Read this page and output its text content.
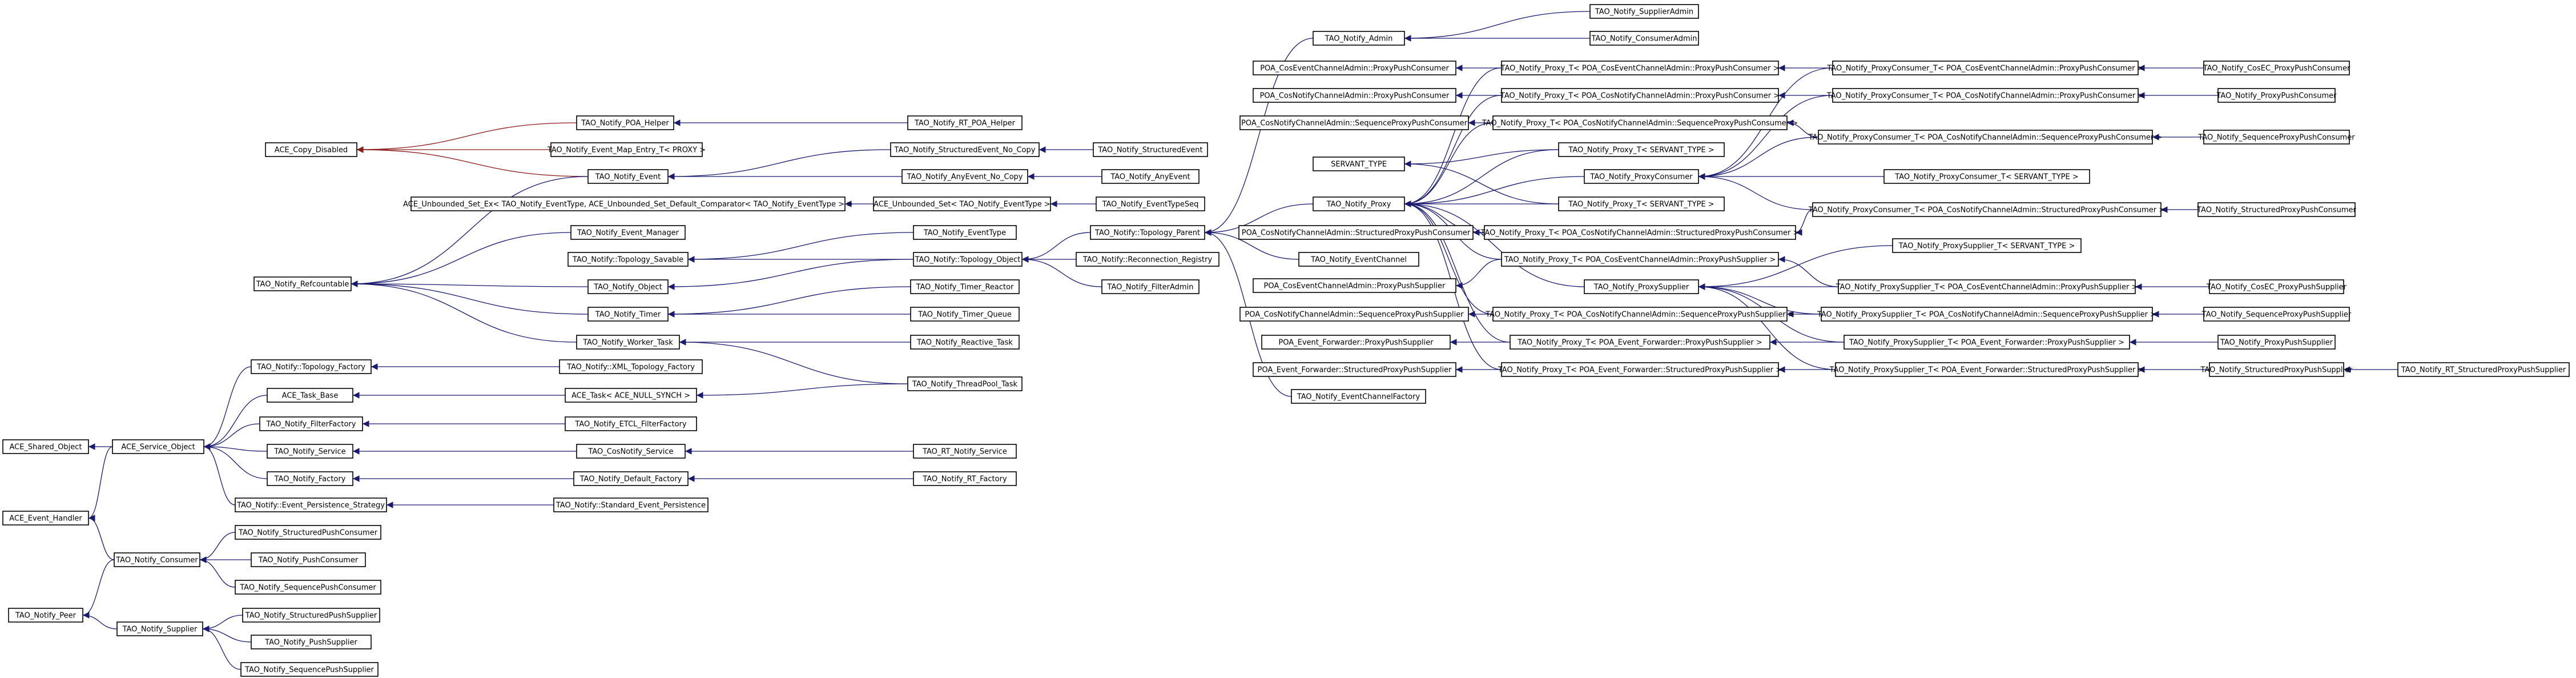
ACE_Shared_Object
ACE_Event_Handler
TAO_Notify_Peer
ACE_Service_Object
TAO_Notify_Consumer
TAO_Notify_Supplier
ACE_Copy_Disabled
TAO_Notify_Refcountable
TAO_Notify::Topology_Factory
ACE_Task_Base
TAO_Notify_FilterFactory
TAO_Notify_Service
TAO_Notify_Factory
TAO_Notify::Event_Persistence_Strategy
TAO_Notify_StructuredPushConsumer
TAO_Notify_PushConsumer
TAO_Notify_SequencePushConsumer
TAO_Notify_StructuredPushSupplier
TAO_Notify_PushSupplier
TAO_Notify_SequencePushSupplier
TAO_Notify_POA_Helper
TAO_Notify_Event_Map_Entry_T< PROXY >
TAO_Notify_Event
ACE_Unbounded_Set_Ex< TAO_Notify_EventType, ACE_Unbounded_Set_Default_Comparator< TAO_Notify_EventType > >
TAO_Notify_Event_Manager
TAO_Notify::Topology_Savable
TAO_Notify_Object
TAO_Notify_Timer
TAO_Notify_Worker_Task
TAO_Notify::XML_Topology_Factory
ACE_Task< ACE_NULL_SYNCH >
TAO_Notify_ETCL_FilterFactory
TAO_CosNotify_Service
TAO_Notify_Default_Factory
TAO_Notify::Standard_Event_Persistence
TAO_Notify_RT_POA_Helper
TAO_Notify_StructuredEvent_No_Copy
TAO_Notify_AnyEvent_No_Copy
ACE_Unbounded_Set< TAO_Notify_EventType >
TAO_Notify_EventType
TAO_Notify::Topology_Object
TAO_Notify_Timer_Reactor
TAO_Notify_Timer_Queue
TAO_Notify_Reactive_Task
TAO_Notify_ThreadPool_Task
TAO_RT_Notify_Service
TAO_Notify_RT_Factory
TAO_Notify_StructuredEvent
TAO_Notify_AnyEvent
TAO_Notify_EventTypeSeq
TAO_Notify::Topology_Parent
TAO_Notify::Reconnection_Registry
TAO_Notify_FilterAdmin
TAO_Notify_Admin
TAO_Notify_Proxy
TAO_Notify_EventChannel
TAO_Notify_EventChannelFactory
POA_CosEventChannelAdmin::ProxyPushConsumer
POA_CosNotifyChannelAdmin::ProxyPushConsumer
POA_CosNotifyChannelAdmin::SequenceProxyPushConsumer
SERVANT_TYPE
POA_CosNotifyChannelAdmin::StructuredProxyPushConsumer
POA_CosEventChannelAdmin::ProxyPushSupplier
POA_CosNotifyChannelAdmin::SequenceProxyPushSupplier
POA_Event_Forwarder::ProxyPushSupplier
POA_Event_Forwarder::StructuredProxyPushSupplier
TAO_Notify_SupplierAdmin
TAO_Notify_ConsumerAdmin
TAO_Notify_Proxy_T< POA_CosEventChannelAdmin::ProxyPushConsumer >
TAO_Notify_Proxy_T< POA_CosNotifyChannelAdmin::ProxyPushConsumer >
TAO_Notify_Proxy_T< POA_CosNotifyChannelAdmin::SequenceProxyPushConsumer >
TAO_Notify_Proxy_T< SERVANT_TYPE >
TAO_Notify_ProxyConsumer
TAO_Notify_Proxy_T< SERVANT_TYPE >
TAO_Notify_Proxy_T< POA_CosNotifyChannelAdmin::StructuredProxyPushConsumer >
TAO_Notify_Proxy_T< POA_CosEventChannelAdmin::ProxyPushSupplier >
TAO_Notify_ProxySupplier
TAO_Notify_Proxy_T< POA_CosNotifyChannelAdmin::SequenceProxyPushSupplier >
TAO_Notify_Proxy_T< POA_Event_Forwarder::ProxyPushSupplier >
TAO_Notify_Proxy_T< POA_Event_Forwarder::StructuredProxyPushSupplier >
TAO_Notify_ProxyConsumer_T< POA_CosEventChannelAdmin::ProxyPushConsumer >
TAO_Notify_ProxyConsumer_T< POA_CosNotifyChannelAdmin::ProxyPushConsumer >
TAO_Notify_ProxyConsumer_T< POA_CosNotifyChannelAdmin::SequenceProxyPushConsumer >
TAO_Notify_ProxyConsumer_T< SERVANT_TYPE >
TAO_Notify_ProxyConsumer_T< POA_CosNotifyChannelAdmin::StructuredProxyPushConsumer >
TAO_Notify_ProxySupplier_T< SERVANT_TYPE >
TAO_Notify_ProxySupplier_T< POA_CosEventChannelAdmin::ProxyPushSupplier >
TAO_Notify_ProxySupplier_T< POA_CosNotifyChannelAdmin::SequenceProxyPushSupplier >
TAO_Notify_ProxySupplier_T< POA_Event_Forwarder::ProxyPushSupplier >
TAO_Notify_ProxySupplier_T< POA_Event_Forwarder::StructuredProxyPushSupplier >
TAO_Notify_CosEC_ProxyPushConsumer
TAO_Notify_ProxyPushConsumer
TAO_Notify_SequenceProxyPushConsumer
TAO_Notify_StructuredProxyPushConsumer
TAO_Notify_CosEC_ProxyPushSupplier
TAO_Notify_SequenceProxyPushSupplier
TAO_Notify_ProxyPushSupplier
TAO_Notify_StructuredProxyPushSupplier	TAO_Notify_RT_StructuredProxyPushSupplier
